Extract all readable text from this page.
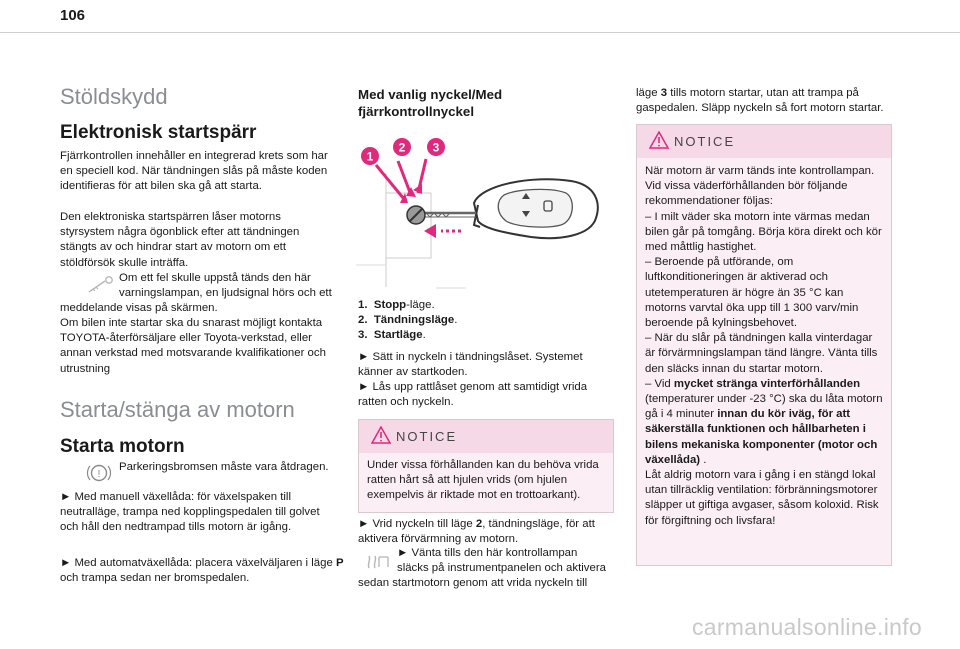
106
Stöldskydd
Elektronisk startspärr
Fjärrkontrollen innehåller en integrerad krets som har en speciell kod. När tändningen slås på måste koden identifieras för att bilen ska gå att starta.
Den elektroniska startspärren låser motorns styrsystem några ögonblick efter att tändningen stängts av och hindrar start av motorn om ett stöldförsök skulle inträffa.
Om ett fel skulle uppstå tänds den här
varningslampan, en ljudsignal hörs och ett
meddelande visas på skärmen.
Om bilen inte startar ska du snarast möjligt kontakta TOYOTA-återförsäljare eller Toyota-verkstad, eller annan verkstad med motsvarande kvalifikationer och utrustning
Starta/stänga av motorn
Starta motorn
!
Parkeringsbromsen måste vara åtdragen.
► Med manuell växellåda: för växelspaken till neutralläge, trampa ned kopplingspedalen till golvet och håll den nedtrampad tills motorn är igång.
► Med automatväxellåda: placera växelväljaren i läge P och trampa sedan ner bromspedalen.
Med vanlig nyckel/Med fjärrkontrollnyckel
1
2 3
1. Stopp-läge.
2. Tändningsläge.
3. Startläge.
► Sätt in nyckeln i tändningslåset. Systemet känner av startkoden.
► Lås upp rattlåset genom att samtidigt vrida ratten och nyckeln.
NOTICE
Under vissa förhållanden kan du behöva vrida ratten hårt så att hjulen vrids (om hjulen exempelvis är riktade mot en trottoarkant).
► Vrid nyckeln till läge 2, tändningsläge, för att aktivera förvärmning av motorn.
► Vänta tills den här kontrollampan
släcks på instrumentpanelen och aktivera
sedan startmotorn genom att vrida nyckeln till
läge 3 tills motorn startar, utan att trampa på gaspedalen. Släpp nyckeln så fort motorn startar.
NOTICE
När motorn är varm tänds inte kontrollampan.
Vid vissa väderförhållanden bör följande rekommendationer följas:
– I milt väder ska motorn inte värmas medan bilen går på tomgång. Börja köra direkt och kör med måttlig hastighet.
– Beroende på utförande, om luftkonditioneringen är aktiverad och utetemperaturen är högre än 35 °C kan motorns varvtal öka upp till 1 300 varv/min beroende på kylningsbehovet.
– När du slår på tändningen kalla vinterdagar är förvärmningslampan tänd längre. Vänta tills den släcks innan du startar motorn.
– Vid mycket stränga vinterförhållanden (temperaturer under -23 °C) ska du låta motorn gå i 4 minuter innan du kör iväg, för att säkerställa funktionen och hållbarheten i bilens mekaniska komponenter (motor och växellåda) .
Låt aldrig motorn vara i gång i en stängd lokal utan tillräcklig ventilation: förbränningsmotorer släpper ut giftiga avgaser, såsom koloxid. Risk för förgiftning och livsfara!
carmanualsonline.info
